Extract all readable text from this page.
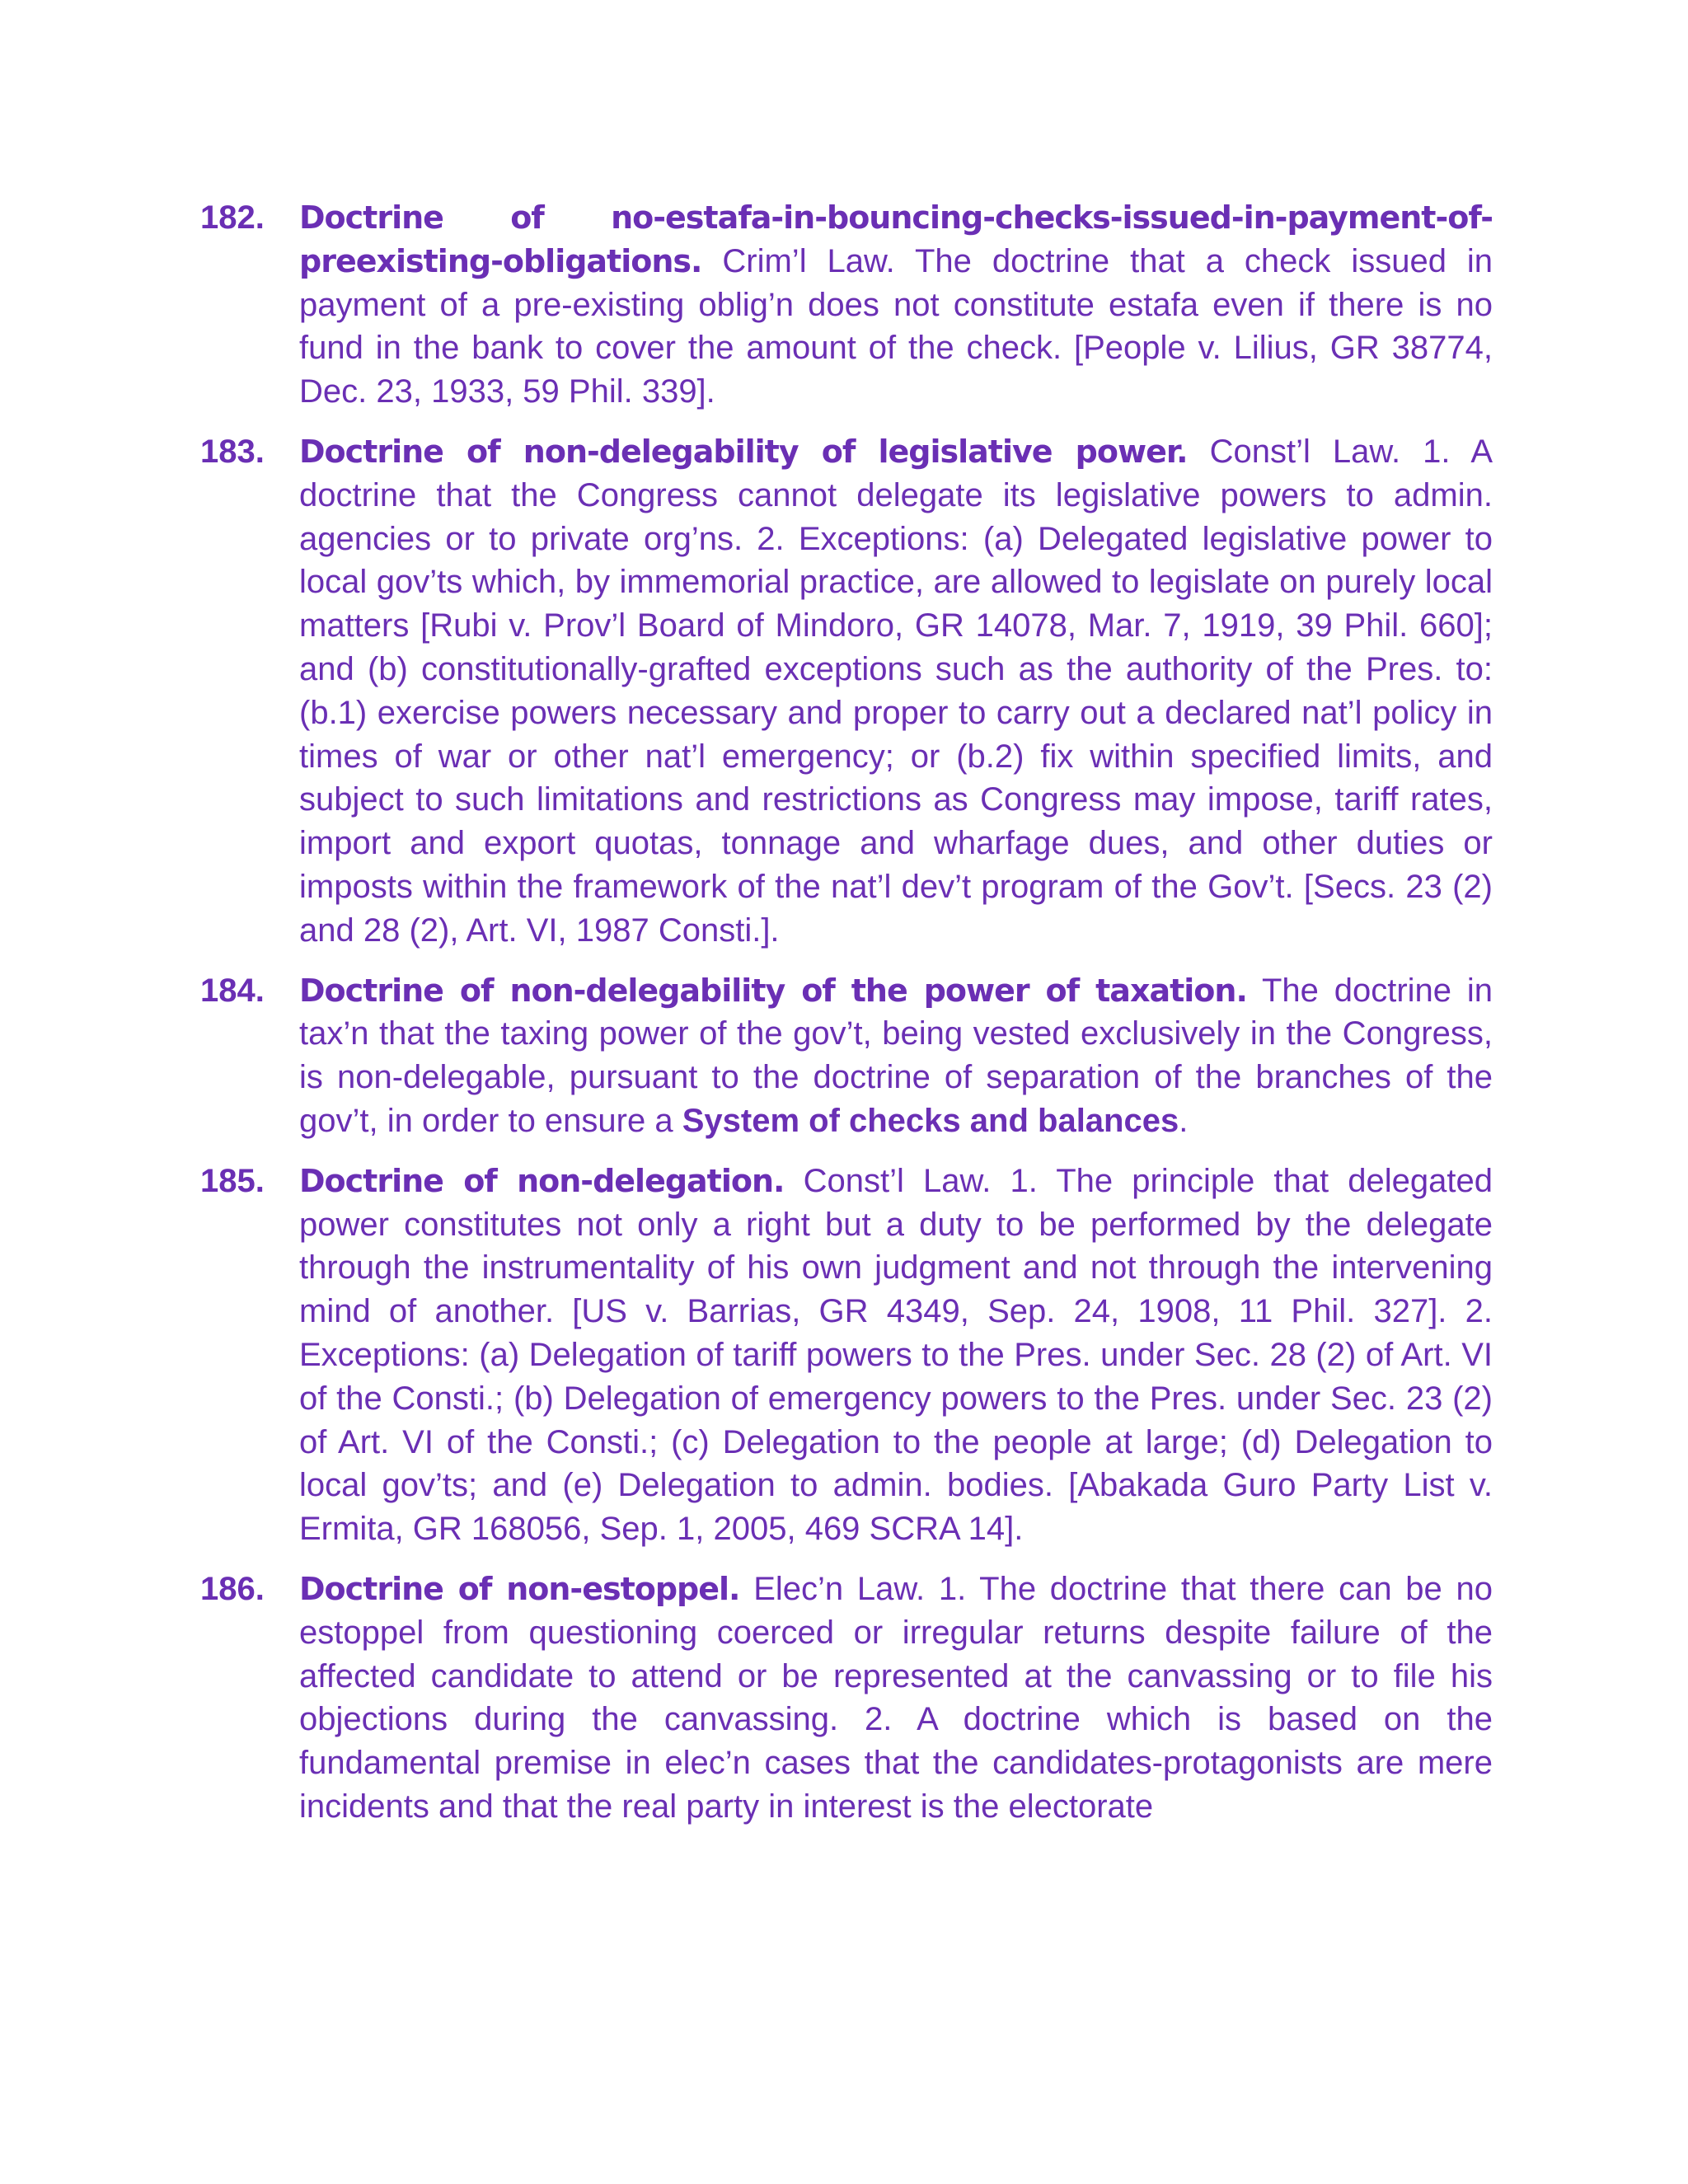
182. Doctrine of no-estafa-in-bouncing-checks-issued-in-payment-of-
preexisting-obligations. Crim’l Law. The doctrine that a check issued in payment of a pre-existing oblig’n does not constitute estafa even if there is no fund in the bank to cover the amount of the check. [People v. Lilius, GR 38774, Dec. 23, 1933, 59 Phil. 339].
183. Doctrine of non-delegability of legislative power. Const’l Law. 1. A doctrine that the Congress cannot delegate its legislative powers to admin. agencies or to private org’ns. 2. Exceptions: (a) Delegated legislative power to local gov’ts which, by immemorial practice, are allowed to legislate on purely local matters [Rubi v. Prov’l Board of Mindoro, GR 14078, Mar. 7, 1919, 39 Phil. 660]; and (b) constitutionally-grafted exceptions such as the authority of the Pres. to: (b.1) exercise powers necessary and proper to carry out a declared nat’l policy in times of war or other nat’l emergency; or (b.2) fix within specified limits, and subject to such limitations and restrictions as Congress may impose, tariff rates, import and export quotas, tonnage and wharfage dues, and other duties or imposts within the framework of the nat’l dev’t program of the Gov’t. [Secs. 23 (2) and 28 (2), Art. VI, 1987 Consti.].
184. Doctrine of non-delegability of the power of taxation. The doctrine in tax’n that the taxing power of the gov’t, being vested exclusively in the Congress, is non-delegable, pursuant to the doctrine of separation of the branches of the gov’t, in order to ensure a System of checks and balances.
185. Doctrine of non-delegation. Const’l Law. 1. The principle that delegated power constitutes not only a right but a duty to be performed by the delegate through the instrumentality of his own judgment and not through the intervening mind of another. [US v. Barrias, GR 4349, Sep. 24, 1908, 11 Phil. 327]. 2. Exceptions: (a) Delegation of tariff powers to the Pres. under Sec. 28 (2) of Art. VI of the Consti.; (b) Delegation of emergency powers to the Pres. under Sec. 23 (2) of Art. VI of the Consti.; (c) Delegation to the people at large; (d) Delegation to local gov’ts; and (e) Delegation to admin. bodies. [Abakada Guro Party List v. Ermita, GR 168056, Sep. 1, 2005, 469 SCRA 14].
186. Doctrine of non-estoppel. Elec’n Law. 1. The doctrine that there can be no estoppel from questioning coerced or irregular returns despite failure of the affected candidate to attend or be represented at the canvassing or to file his objections during the canvassing. 2. A doctrine which is based on the fundamental premise in elec’n cases that the candidates-protagonists are mere incidents and that the real party in interest is the electorate
